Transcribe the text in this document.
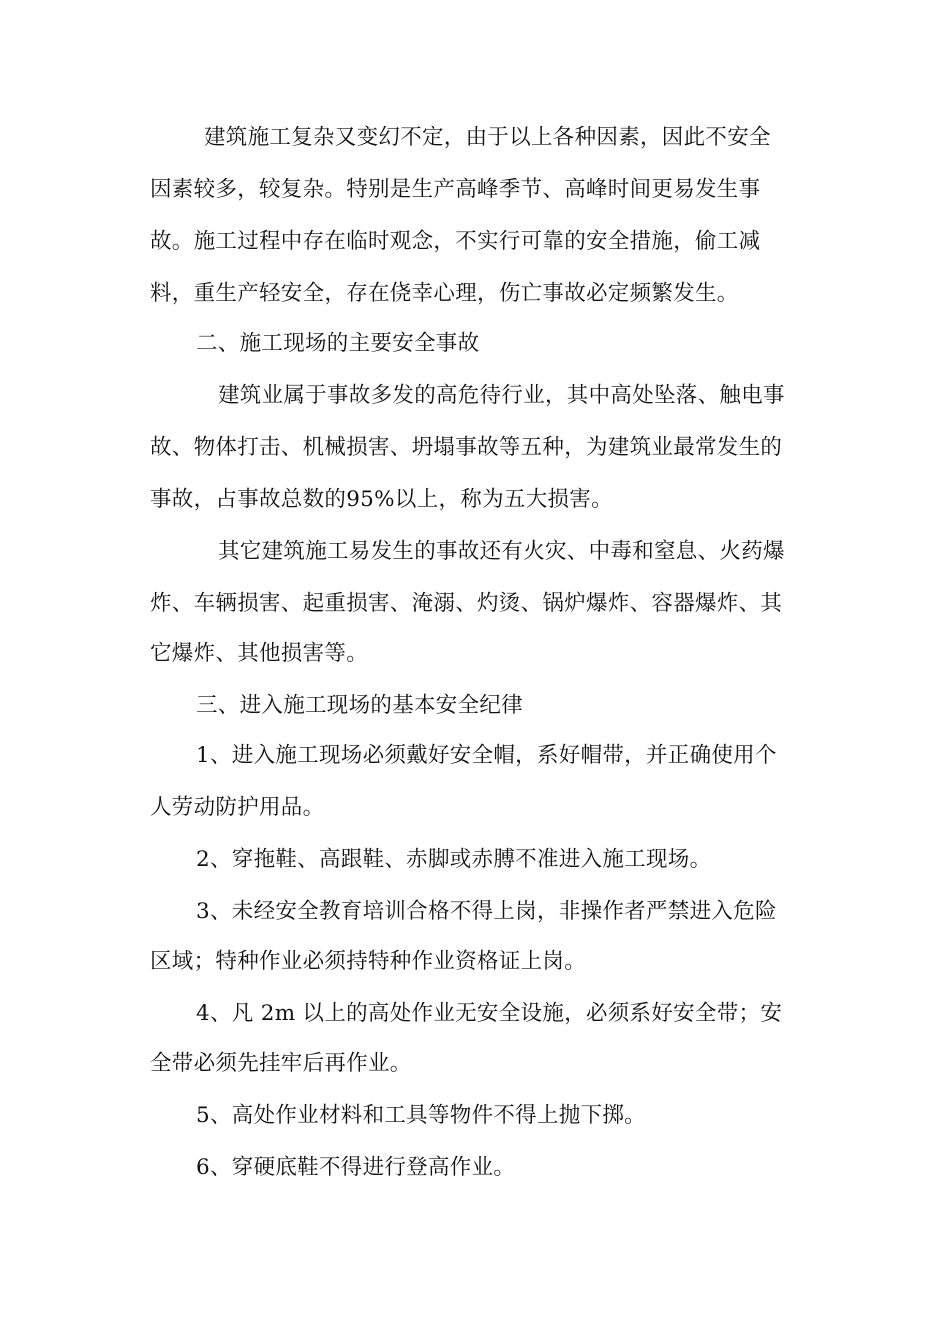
建筑施工复杂又变幻不定，由于以上各种因素，因此不安全
因素较多，较复杂。特别是生产高峰季节、高峰时间更易发生事
故。施工过程中存在临时观念，不实行可靠的安全措施，偷工减
料，重生产轻安全，存在侥幸心理，伤亡事故必定频繁发生。
二、施工现场的主要安全事故
建筑业属于事故多发的高危待行业，其中高处坠落、触电事
故、物体打击、机械损害、坍塌事故等五种，为建筑业最常发生的
事故，占事故总数的95%以上，称为五大损害。
其它建筑施工易发生的事故还有火灾、中毒和窒息、火药爆
炸、车辆损害、起重损害、淹溺、灼烫、锅炉爆炸、容器爆炸、其
它爆炸、其他损害等。
三、进入施工现场的基本安全纪律
1、进入施工现场必须戴好安全帽，系好帽带，并正确使用个
人劳动防护用品。
2、穿拖鞋、高跟鞋、赤脚或赤膊不准进入施工现场。
3、未经安全教育培训合格不得上岗，非操作者严禁进入危险
区域；特种作业必须持特种作业资格证上岗。
4、凡 2m 以上的高处作业无安全设施，必须系好安全带；安
全带必须先挂牢后再作业。
5、高处作业材料和工具等物件不得上抛下掷。
6、穿硬底鞋不得进行登高作业。
